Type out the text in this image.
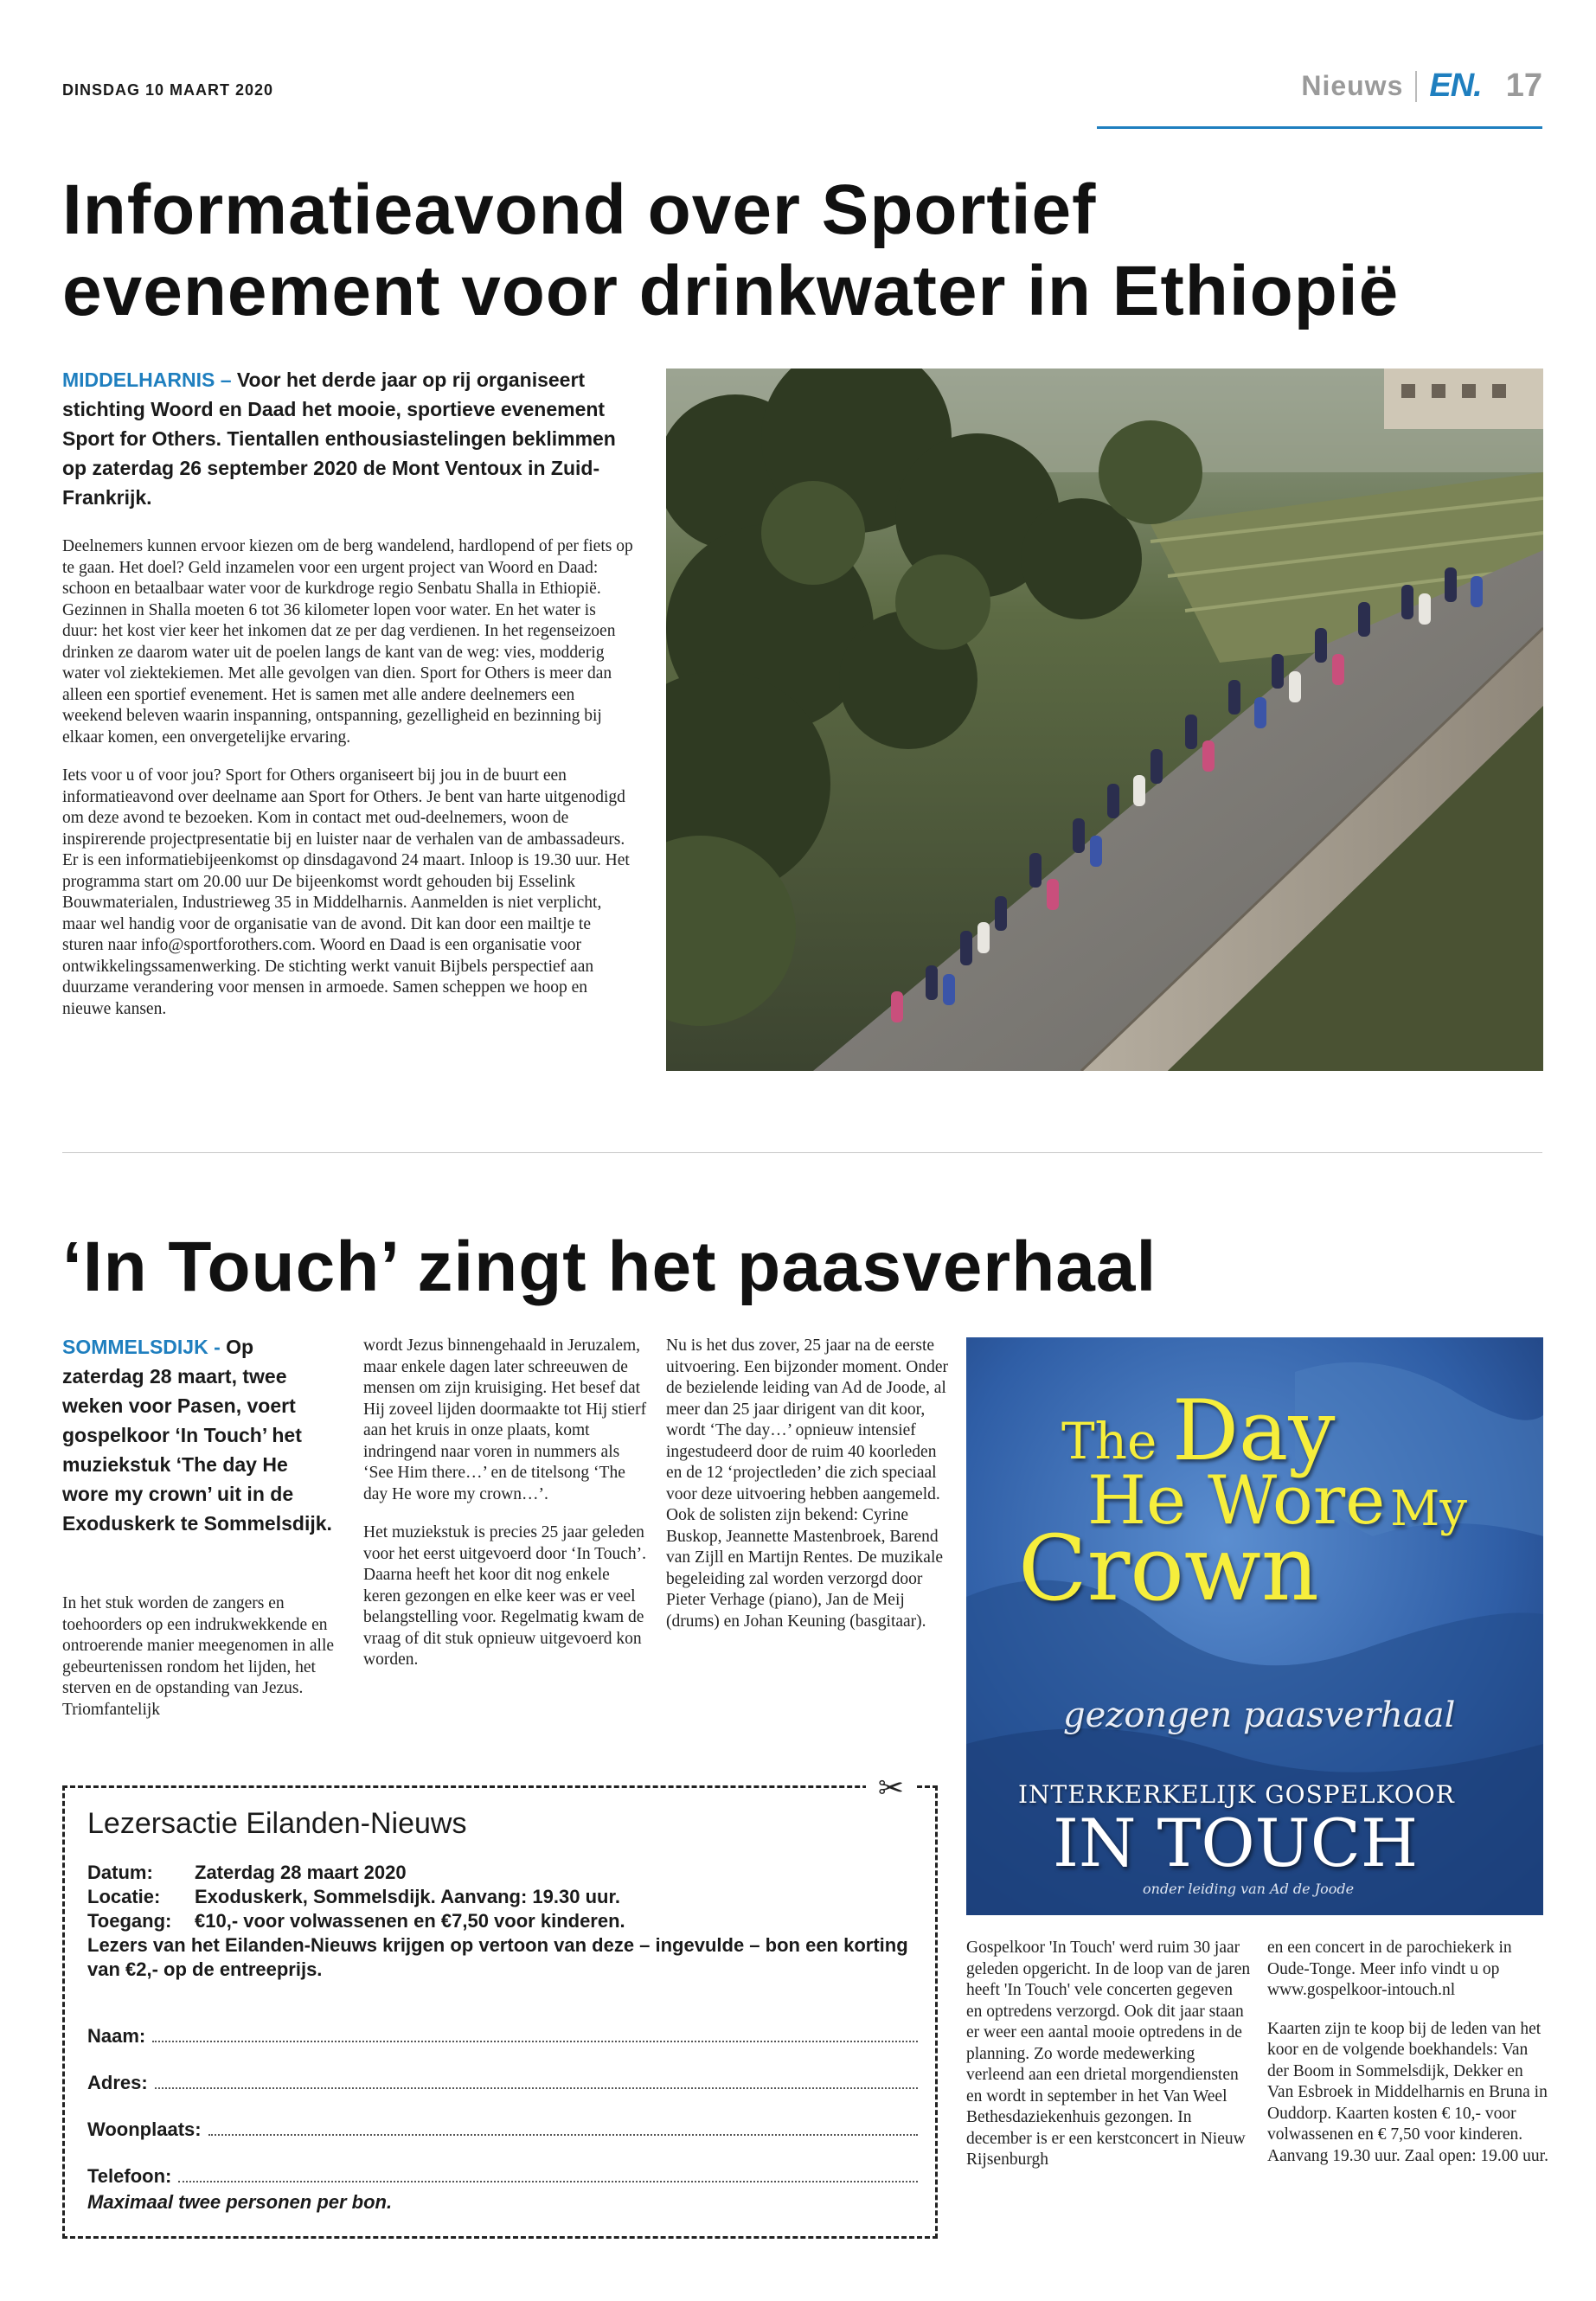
DINSDAG 10 MAART 2020	Nieuws EN. 17
Informatieavond over Sportief
evenement voor drinkwater in Ethiopië

MIDDELHARNIS – Voor het derde jaar op rij organiseert stichting Woord en Daad het mooie, sportieve evenement Sport for Others. Tientallen enthousiastelingen beklimmen op zaterdag 26 september 2020 de Mont Ventoux in Zuid-Frankrijk.

Deelnemers kunnen ervoor kiezen om de berg wandelend, hardlopend of per fiets op te gaan. Het doel? Geld inzamelen voor een urgent project van Woord en Daad: schoon en betaalbaar water voor de kurkdroge regio Senbatu Shalla in Ethiopië. Gezinnen in Shalla moeten 6 tot 36 kilometer lopen voor water. En het water is duur: het kost vier keer het inkomen dat ze per dag verdienen. In het regenseizoen drinken ze daarom water uit de poelen langs de kant van de weg: vies, modderig water vol ziektekiemen. Met alle gevolgen van dien. Sport for Others is meer dan alleen een sportief evenement. Het is samen met alle andere deelnemers een weekend beleven waarin inspanning, ontspanning, gezelligheid en bezinning bij elkaar komen, een onvergetelijke ervaring.

Iets voor u of voor jou? Sport for Others organiseert bij jou in de buurt een informatieavond over deelname aan Sport for Others. Je bent van harte uitgenodigd om deze avond te bezoeken. Kom in contact met oud-deelnemers, woon de inspirerende projectpresentatie bij en luister naar de verhalen van de ambassadeurs. Er is een informatiebijeenkomst op dinsdagavond 24 maart. Inloop is 19.30 uur. Het programma start om 20.00 uur De bijeenkomst wordt gehouden bij Esselink Bouwmaterialen, Industrieweg 35 in Middelharnis. Aanmelden is niet verplicht, maar wel handig voor de organisatie van de avond. Dit kan door een mailtje te sturen naar info@sportforothers.com. Woord en Daad is een organisatie voor ontwikkelingssamenwerking. De stichting werkt vanuit Bijbels perspectief aan duurzame verandering voor mensen in armoede. Samen scheppen we hoop en nieuwe kansen.

‘In Touch’ zingt het paasverhaal

SOMMELSDIJK - Op zaterdag 28 maart, twee weken voor Pasen, voert gospelkoor ‘In Touch’ het muziekstuk ‘The day He wore my crown’ uit in de Exoduskerk te Sommelsdijk.

In het stuk worden de zangers en toehoorders op een indrukwekkende en ontroerende manier meegenomen in alle gebeurtenissen rondom het lijden, het sterven en de opstanding van Jezus. Triomfantelijk

wordt Jezus binnengehaald in Jeruzalem, maar enkele dagen later schreeuwen de mensen om zijn kruisiging. Het besef dat Hij zoveel lijden doormaakte tot Hij stierf aan het kruis in onze plaats, komt indringend naar voren in nummers als ‘See Him there…’ en de titelsong ‘The day He wore my crown…’.

Het muziekstuk is precies 25 jaar geleden voor het eerst uitgevoerd door ‘In Touch’. Daarna heeft het koor dit nog enkele keren gezongen en elke keer was er veel belangstelling voor. Regelmatig kwam de vraag of dit stuk opnieuw uitgevoerd kon worden.

Nu is het dus zover, 25 jaar na de eerste uitvoering. Een bijzonder moment. Onder de bezielende leiding van Ad de Joode, al meer dan 25 jaar dirigent van dit koor, wordt ‘The day…’ opnieuw intensief ingestudeerd door de ruim 40 koorleden en de 12 ‘projectleden’ die zich speciaal voor deze uitvoering hebben aangemeld. Ook de solisten zijn bekend: Cyrine Buskop, Jeannette Mastenbroek, Barend van Zijll en Martijn Rentes. De muzikale begeleiding zal worden verzorgd door Pieter Verhage (piano), Jan de Meij (drums) en Johan Keuning (basgitaar).

The Day
He Wore My
Crown
gezongen paasverhaal
INTERKERKELIJK GOSPELKOOR
IN TOUCH
onder leiding van Ad de Joode

Gospelkoor 'In Touch' werd ruim 30 jaar geleden opgericht. In de loop van de jaren heeft 'In Touch' vele concerten gegeven en optredens verzorgd. Ook dit jaar staan er weer een aantal mooie optredens in de planning. Zo worde medewerking verleend aan een drietal morgendiensten en wordt in september in het Van Weel Bethesdaziekenhuis gezongen. In december is er een kerstconcert in Nieuw Rijsenburgh

en een concert in de parochiekerk in Oude-Tonge. Meer info vindt u op www.gospelkoor-intouch.nl

Kaarten zijn te koop bij de leden van het koor en de volgende boekhandels: Van der Boom in Sommelsdijk, Dekker en Van Esbroek in Middelharnis en Bruna in Ouddorp. Kaarten kosten € 10,- voor volwassenen en € 7,50 voor kinderen. Aanvang 19.30 uur. Zaal open: 19.00 uur.

✂
Lezersactie Eilanden-Nieuws
Datum:	Zaterdag 28 maart 2020
Locatie:	Exoduskerk, Sommelsdijk. Aanvang: 19.30 uur.
Toegang:	€10,- voor volwassenen en €7,50 voor kinderen.
Lezers van het Eilanden-Nieuws krijgen op vertoon van deze – ingevulde – bon een korting van €2,- op de entreeprijs.
Naam:
Adres:
Woonplaats:
Telefoon:
Maximaal twee personen per bon.
